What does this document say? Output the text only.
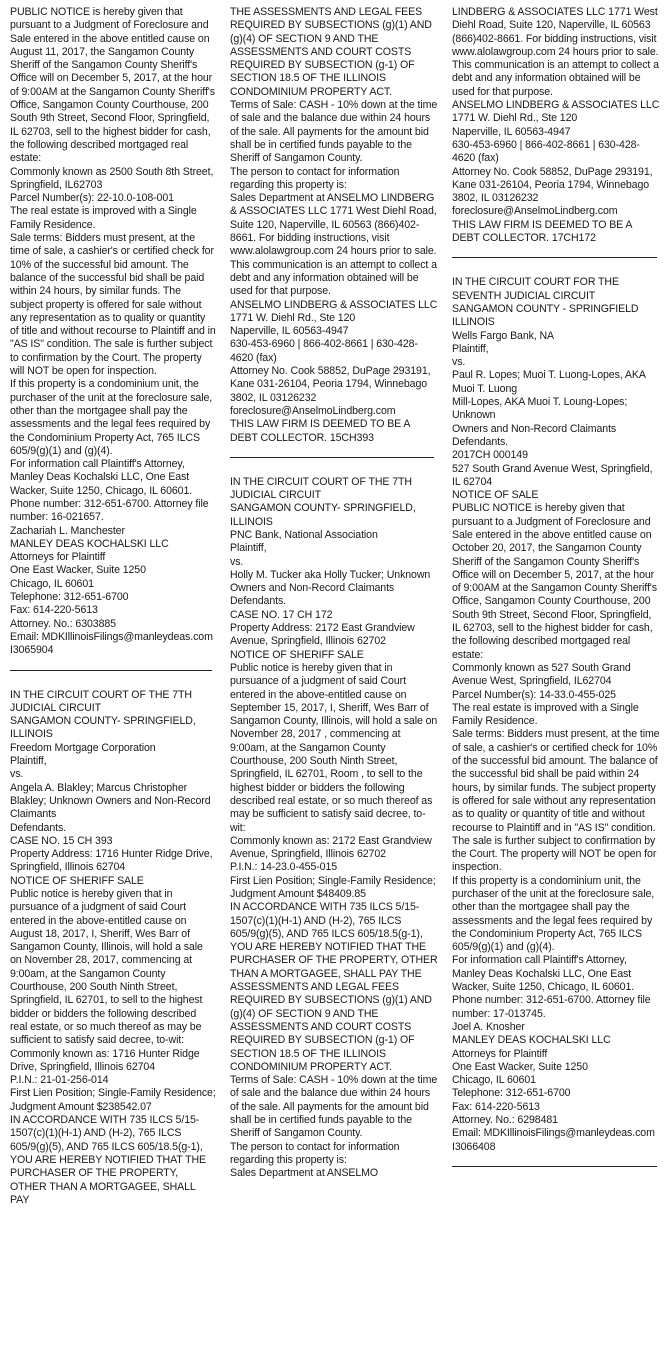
PUBLIC NOTICE is hereby given that pursuant to a Judgment of Foreclosure and Sale entered in the above entitled cause on August 11, 2017, the Sangamon County Sheriff of the Sangamon County Sheriff's Office will on December 5, 2017, at the hour of 9:00AM at the Sangamon County Sheriff's Office, Sangamon County Courthouse, 200 South 9th Street, Second Floor, Springfield, IL 62703, sell to the highest bidder for cash, the following described mortgaged real estate:
Commonly known as 2500 South 8th Street, Springfield, IL62703
Parcel Number(s): 22-10.0-108-001
The real estate is improved with a Single Family Residence.
Sale terms: Bidders must present, at the time of sale, a cashier's or certified check for 10% of the successful bid amount. The balance of the successful bid shall be paid within 24 hours, by similar funds. The subject property is offered for sale without any representation as to quality or quantity of title and without recourse to Plaintiff and in "AS IS" condition. The sale is further subject to confirmation by the Court. The property will NOT be open for inspection.
If this property is a condominium unit, the purchaser of the unit at the foreclosure sale, other than the mortgagee shall pay the assessments and the legal fees required by the Condominium Property Act, 765 ILCS 605/9(g)(1) and (g)(4).
For information call Plaintiff's Attorney, Manley Deas Kochalski LLC, One East Wacker, Suite 1250, Chicago, IL 60601. Phone number: 312-651-6700. Attorney file number: 16-021657.
Zachariah L. Manchester
MANLEY DEAS KOCHALSKI LLC
Attorneys for Plaintiff
One East Wacker, Suite 1250
Chicago, IL 60601
Telephone: 312-651-6700
Fax: 614-220-5613
Attorney. No.: 6303885
Email: MDKIllinoisFilings@manleydeas.com
I3065904

IN THE CIRCUIT COURT OF THE 7TH JUDICIAL CIRCUIT
SANGAMON COUNTY- SPRINGFIELD, ILLINOIS
Freedom Mortgage Corporation
Plaintiff,
vs.
Angela A. Blakley; Marcus Christopher Blakley; Unknown Owners and Non-Record Claimants
Defendants.
CASE NO. 15 CH 393
Property Address: 1716 Hunter Ridge Drive, Springfield, Illinois 62704
NOTICE OF SHERIFF SALE
Public notice is hereby given that in pursuance of a judgment of said Court entered in the above-entitled cause on August 18, 2017, I, Sheriff, Wes Barr of Sangamon County, Illinois, will hold a sale on November 28, 2017, commencing at 9:00am, at the Sangamon County Courthouse, 200 South Ninth Street, Springfield, IL 62701, to sell to the highest bidder or bidders the following described real estate, or so much thereof as may be sufficient to satisfy said decree, to-wit:
Commonly known as: 1716 Hunter Ridge Drive, Springfield, Illinois 62704
P.I.N.: 21-01-256-014
First Lien Position; Single-Family Residence; Judgment Amount $238542.07
IN ACCORDANCE WITH 735 ILCS 5/15-1507(c)(1)(H-1) AND (H-2), 765 ILCS 605/9(g)(5), AND 765 ILCS 605/18.5(g-1), YOU ARE HEREBY NOTIFIED THAT THE PURCHASER OF THE PROPERTY, OTHER THAN A MORTGAGEE, SHALL PAY

THE ASSESSMENTS AND LEGAL FEES REQUIRED BY SUBSECTIONS (g)(1) AND (g)(4) OF SECTION 9 AND THE ASSESSMENTS AND COURT COSTS REQUIRED BY SUBSECTION (g-1) OF SECTION 18.5 OF THE ILLINOIS CONDOMINIUM PROPERTY ACT.
Terms of Sale: CASH - 10% down at the time of sale and the balance due within 24 hours of the sale. All payments for the amount bid shall be in certified funds payable to the Sheriff of Sangamon County.
The person to contact for information regarding this property is:
Sales Department at ANSELMO LINDBERG & ASSOCIATES LLC 1771 West Diehl Road, Suite 120, Naperville, IL 60563 (866)402-8661. For bidding instructions, visit www.alolawgroup.com 24 hours prior to sale.
This communication is an attempt to collect a debt and any information obtained will be used for that purpose.
ANSELMO LINDBERG & ASSOCIATES LLC
1771 W. Diehl Rd., Ste 120
Naperville, IL 60563-4947
630-453-6960 | 866-402-8661 | 630-428-4620 (fax)
Attorney No. Cook 58852, DuPage 293191, Kane 031-26104, Peoria 1794, Winnebago 3802, IL 03126232
foreclosure@AnselmoLindberg.com
THIS LAW FIRM IS DEEMED TO BE A DEBT COLLECTOR. 15CH393

IN THE CIRCUIT COURT OF THE 7TH JUDICIAL CIRCUIT
SANGAMON COUNTY- SPRINGFIELD, ILLINOIS
PNC Bank, National Association
Plaintiff,
vs.
Holly M. Tucker aka Holly Tucker; Unknown Owners and Non-Record Claimants
Defendants.
CASE NO. 17 CH 172
Property Address: 2172 East Grandview Avenue, Springfield, Illinois 62702
NOTICE OF SHERIFF SALE
Public notice is hereby given that in pursuance of a judgment of said Court entered in the above-entitled cause on September 15, 2017, I, Sheriff, Wes Barr of Sangamon County, Illinois, will hold a sale on November 28, 2017 , commencing at 9:00am, at the Sangamon County Courthouse, 200 South Ninth Street, Springfield, IL 62701, Room , to sell to the highest bidder or bidders the following described real estate, or so much thereof as may be sufficient to satisfy said decree, to-wit:
Commonly known as: 2172 East Grandview Avenue, Springfield, Illinois 62702
P.I.N.: 14-23.0-455-015
First Lien Position; Single-Family Residence; Judgment Amount $48409.85
IN ACCORDANCE WITH 735 ILCS 5/15-1507(c)(1)(H-1) AND (H-2), 765 ILCS 605/9(g)(5), AND 765 ILCS 605/18.5(g-1), YOU ARE HEREBY NOTIFIED THAT THE PURCHASER OF THE PROPERTY, OTHER THAN A MORTGAGEE, SHALL PAY THE ASSESSMENTS AND LEGAL FEES REQUIRED BY SUBSECTIONS (g)(1) AND (g)(4) OF SECTION 9 AND THE ASSESSMENTS AND COURT COSTS REQUIRED BY SUBSECTION (g-1) OF SECTION 18.5 OF THE ILLINOIS CONDOMINIUM PROPERTY ACT.
Terms of Sale: CASH - 10% down at the time of sale and the balance due within 24 hours of the sale. All payments for the amount bid shall be in certified funds payable to the Sheriff of Sangamon County.
The person to contact for information regarding this property is:
Sales Department at ANSELMO

LINDBERG & ASSOCIATES LLC 1771 West Diehl Road, Suite 120, Naperville, IL 60563 (866)402-8661. For bidding instructions, visit www.alolawgroup.com 24 hours prior to sale.
This communication is an attempt to collect a debt and any information obtained will be used for that purpose.
ANSELMO LINDBERG & ASSOCIATES LLC
1771 W. Diehl Rd., Ste 120
Naperville, IL 60563-4947
630-453-6960 | 866-402-8661 | 630-428-4620 (fax)
Attorney No. Cook 58852, DuPage 293191, Kane 031-26104, Peoria 1794, Winnebago 3802, IL 03126232
foreclosure@AnselmoLindberg.com
THIS LAW FIRM IS DEEMED TO BE A DEBT COLLECTOR. 17CH172

IN THE CIRCUIT COURT FOR THE SEVENTH JUDICIAL CIRCUIT
SANGAMON COUNTY - SPRINGFIELD ILLINOIS
Wells Fargo Bank, NA
Plaintiff,
vs.
Paul R. Lopes; Muoi T. Luong-Lopes, AKA Muoi T. Luong
Mill-Lopes, AKA Muoi T. Loung-Lopes; Unknown
Owners and Non-Record Claimants
Defendants.
2017CH 000149
527 South Grand Avenue West, Springfield, IL 62704
NOTICE OF SALE
PUBLIC NOTICE is hereby given that pursuant to a Judgment of Foreclosure and Sale entered in the above entitled cause on October 20, 2017, the Sangamon County Sheriff of the Sangamon County Sheriff's Office will on December 5, 2017, at the hour of 9:00AM at the Sangamon County Sheriff's Office, Sangamon County Courthouse, 200 South 9th Street, Second Floor, Springfield, IL 62703, sell to the highest bidder for cash, the following described mortgaged real estate:
Commonly known as 527 South Grand Avenue West, Springfield, IL62704
Parcel Number(s): 14-33.0-455-025
The real estate is improved with a Single Family Residence.
Sale terms: Bidders must present, at the time of sale, a cashier's or certified check for 10% of the successful bid amount. The balance of the successful bid shall be paid within 24 hours, by similar funds. The subject property is offered for sale without any representation as to quality or quantity of title and without recourse to Plaintiff and in "AS IS" condition. The sale is further subject to confirmation by the Court. The property will NOT be open for inspection.
If this property is a condominium unit, the purchaser of the unit at the foreclosure sale, other than the mortgagee shall pay the assessments and the legal fees required by the Condominium Property Act, 765 ILCS 605/9(g)(1) and (g)(4).
For information call Plaintiff's Attorney, Manley Deas Kochalski LLC, One East Wacker, Suite 1250, Chicago, IL 60601. Phone number: 312-651-6700. Attorney file number: 17-013745.
Joel A. Knosher
MANLEY DEAS KOCHALSKI LLC
Attorneys for Plaintiff
One East Wacker, Suite 1250
Chicago, IL 60601
Telephone: 312-651-6700
Fax: 614-220-5613
Attorney. No.: 6298481
Email: MDKIllinoisFilings@manleydeas.com
I3066408
